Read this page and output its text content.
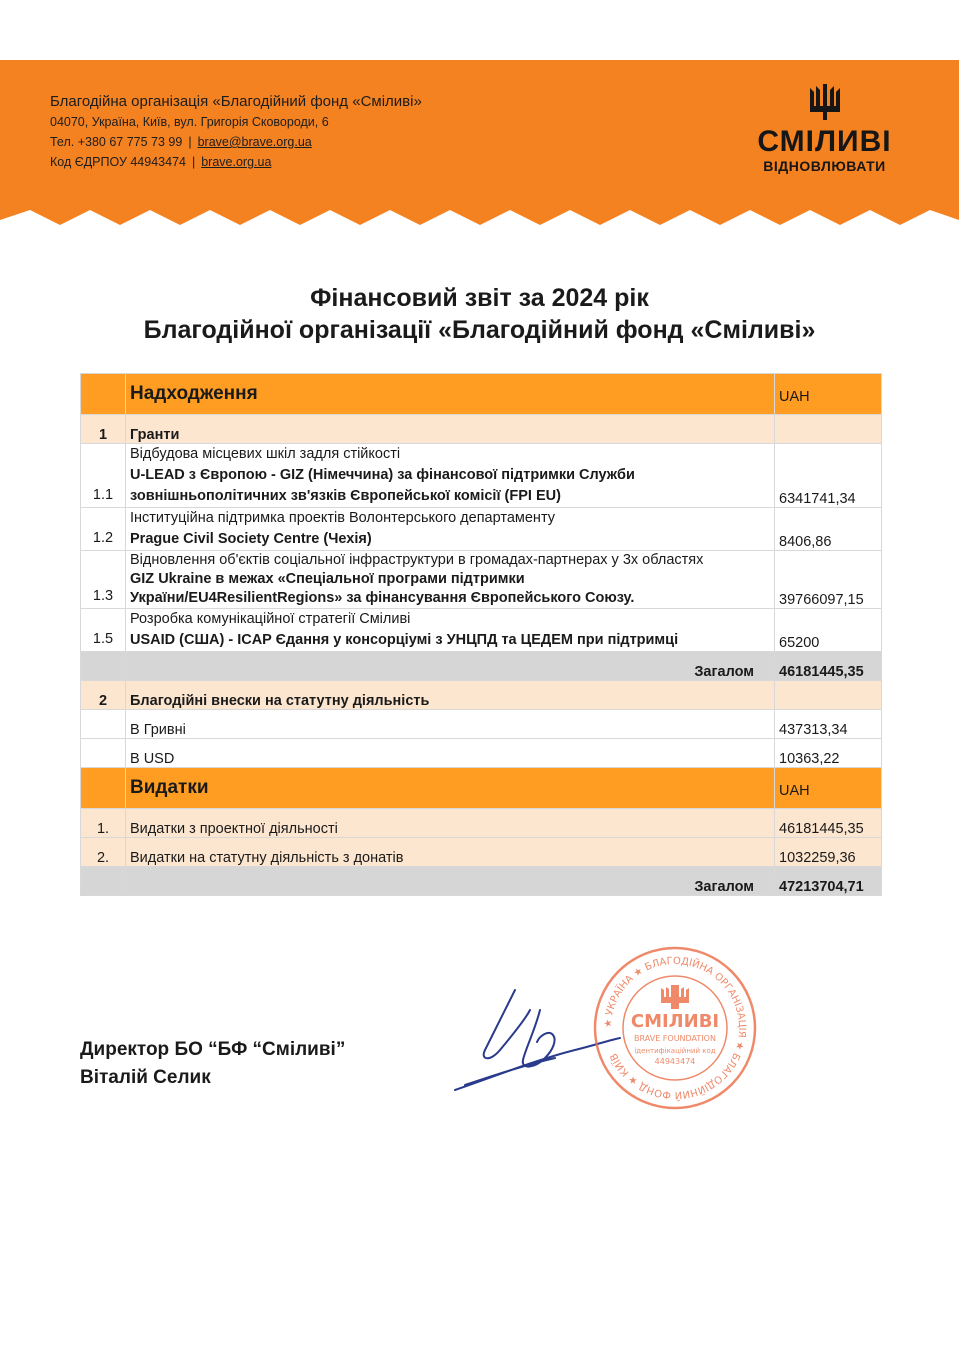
Благодійна організація «Благодійний фонд «Сміливі»
04070, Україна, Київ, вул. Григорія Сковороди, 6
Тел. +380 67 775 73 99 | brave@brave.org.ua
Код ЄДРПОУ 44943474 | brave.org.ua
СМІЛИВІ
ВІДНОВЛЮВАТИ
Фінансовий звіт за 2024 рік
Благодійної організації «Благодійний фонд «Сміливі»
	Надходження	UAH
1	Гранти	
1.1	Відбудова місцевих шкіл задля стійкості
U-LEAD з Європою - GIZ (Німеччина) за фінансової підтримки Служби
зовнішньополітичних зв'язків Європейської комісії (FPI EU)	6341741,34
1.2	Інституційна підтримка проектів Волонтерського департаменту
Prague Civil Society Centre (Чехія)	8406,86
1.3	Відновлення об'єктів соціальної інфраструктури в громадах-партнерах у 3х областях
GIZ Ukraine в межах «Спеціальної програми підтримки
України/EU4ResilientRegions» за фінансування Європейського Союзу.	39766097,15
1.5	Розробка комунікаційної стратегії Сміливі
USAID (США) - ICAP Єдання у консорціумі з УНЦПД та ЦЕДЕМ при підтримці	65200
	Загалом	46181445,35
2	Благодійні внески на статутну діяльність	
	В Гривні	437313,34
	В USD	10363,22
	Видатки	UAH
1.	Видатки з проектної діяльності	46181445,35
2.	Видатки на статутну діяльність з донатів	1032259,36
	Загалом	47213704,71
Директор БО “БФ “Сміливі”
Віталій Селик
★ УКРАЇНА ★ БЛАГОДІЙНА ОРГАНІЗАЦІЯ ★ БЛАГОДІЙНИЙ ФОНД ★ КИЇВ
СМІЛИВІ
BRAVE FOUNDATION
ідентифікаційний код
44943474
